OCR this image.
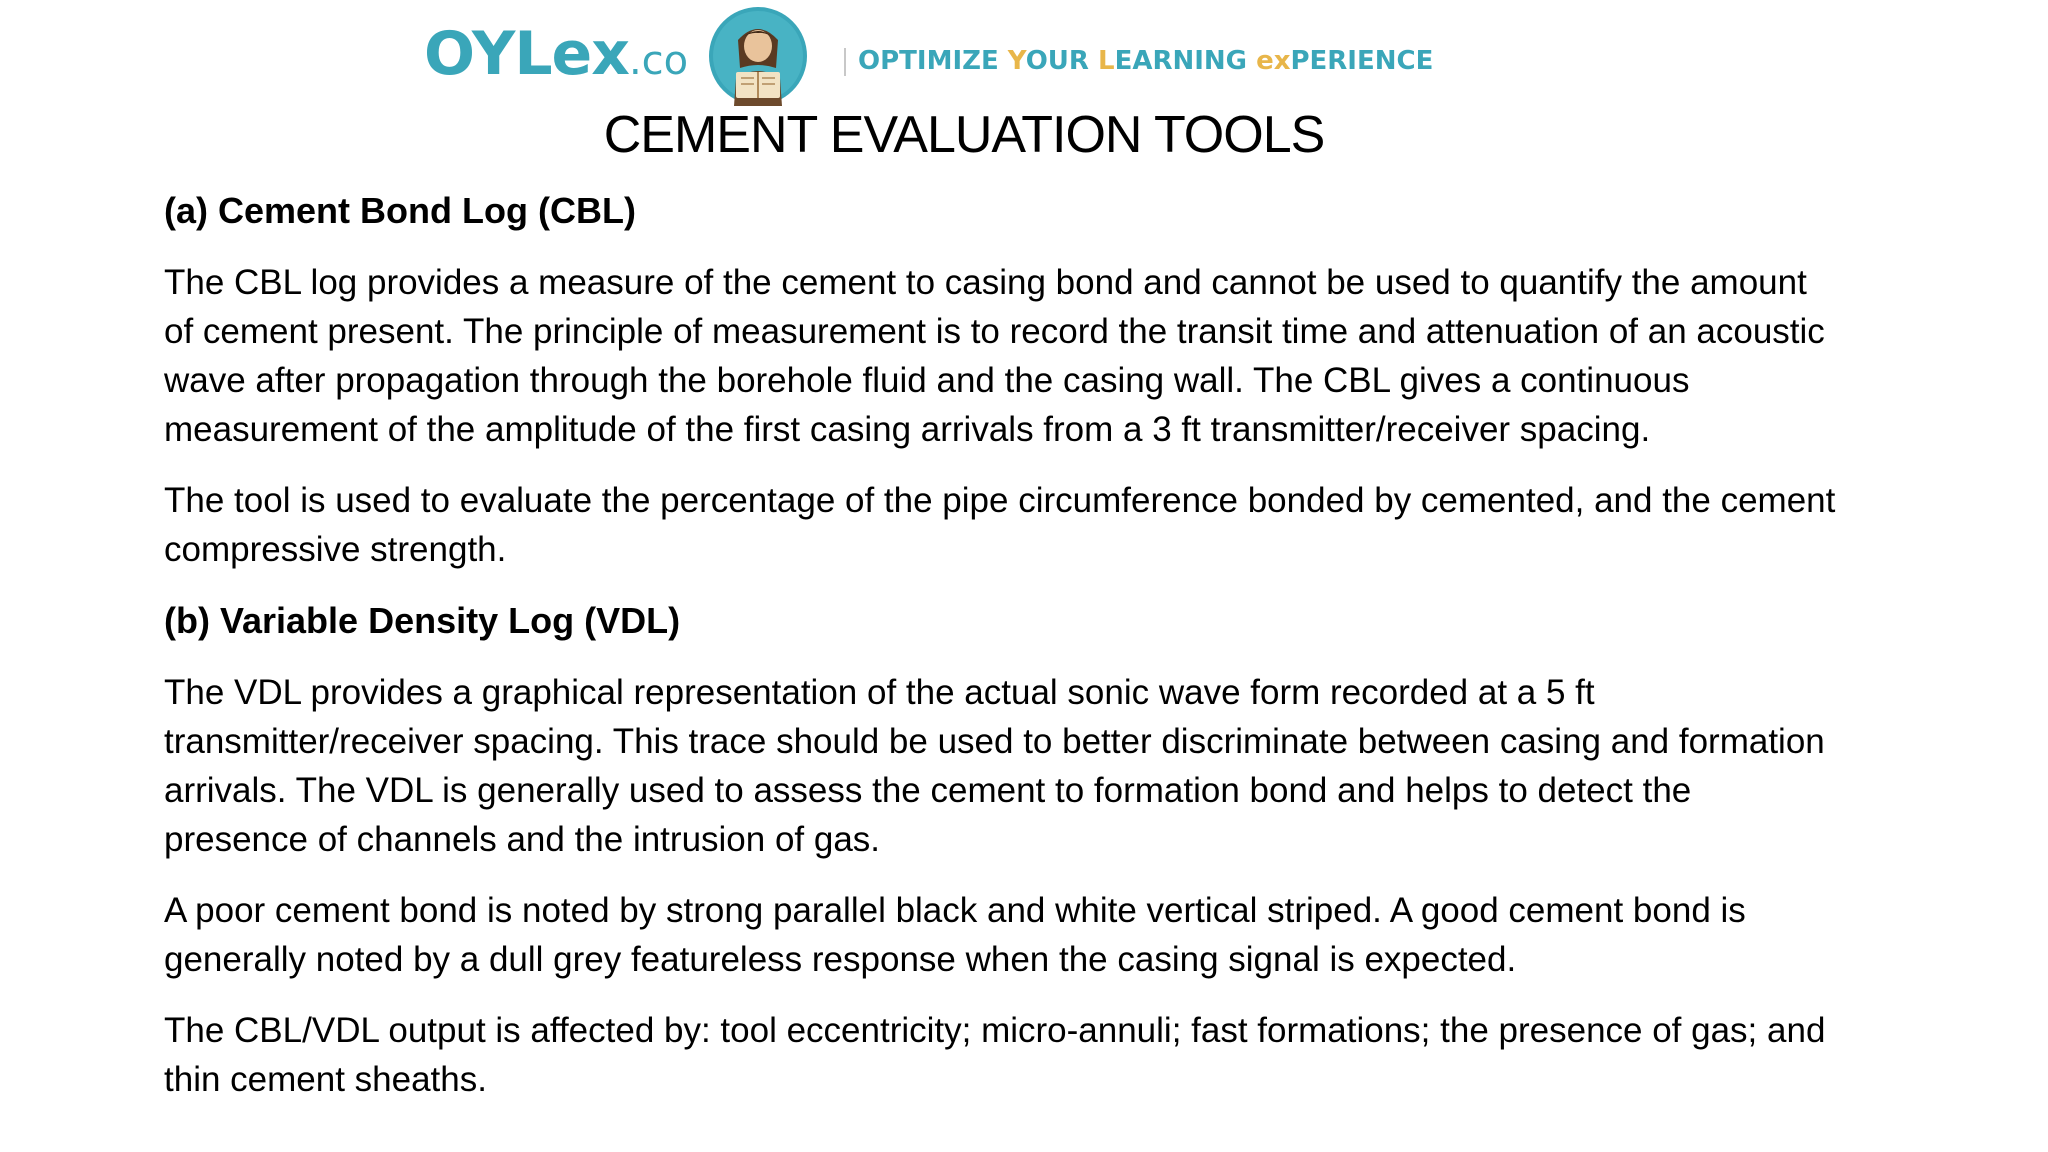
OYLex.co	OPTIMIZE YOUR LEARNING exPERIENCE
CEMENT EVALUATION TOOLS
(a) Cement Bond Log (CBL)

The CBL log provides a measure of the cement to casing bond and cannot be used to quantify the amount of cement present. The principle of measurement is to record the transit time and attenuation of an acoustic wave after propagation through the borehole fluid and the casing wall. The CBL gives a continuous measurement of the amplitude of the first casing arrivals from a 3 ft transmitter/receiver spacing.

The tool is used to evaluate the percentage of the pipe circumference bonded by cemented, and the cement compressive strength.

(b) Variable Density Log (VDL)

The VDL provides a graphical representation of the actual sonic wave form recorded at a 5 ft transmitter/receiver spacing. This trace should be used to better discriminate between casing and formation arrivals. The VDL is generally used to assess the cement to formation bond and helps to detect the presence of channels and the intrusion of gas.

A poor cement bond is noted by strong parallel black and white vertical striped. A good cement bond is generally noted by a dull grey featureless response when the casing signal is expected.

The CBL/VDL output is affected by: tool eccentricity; micro-annuli; fast formations; the presence of gas; and thin cement sheaths.
